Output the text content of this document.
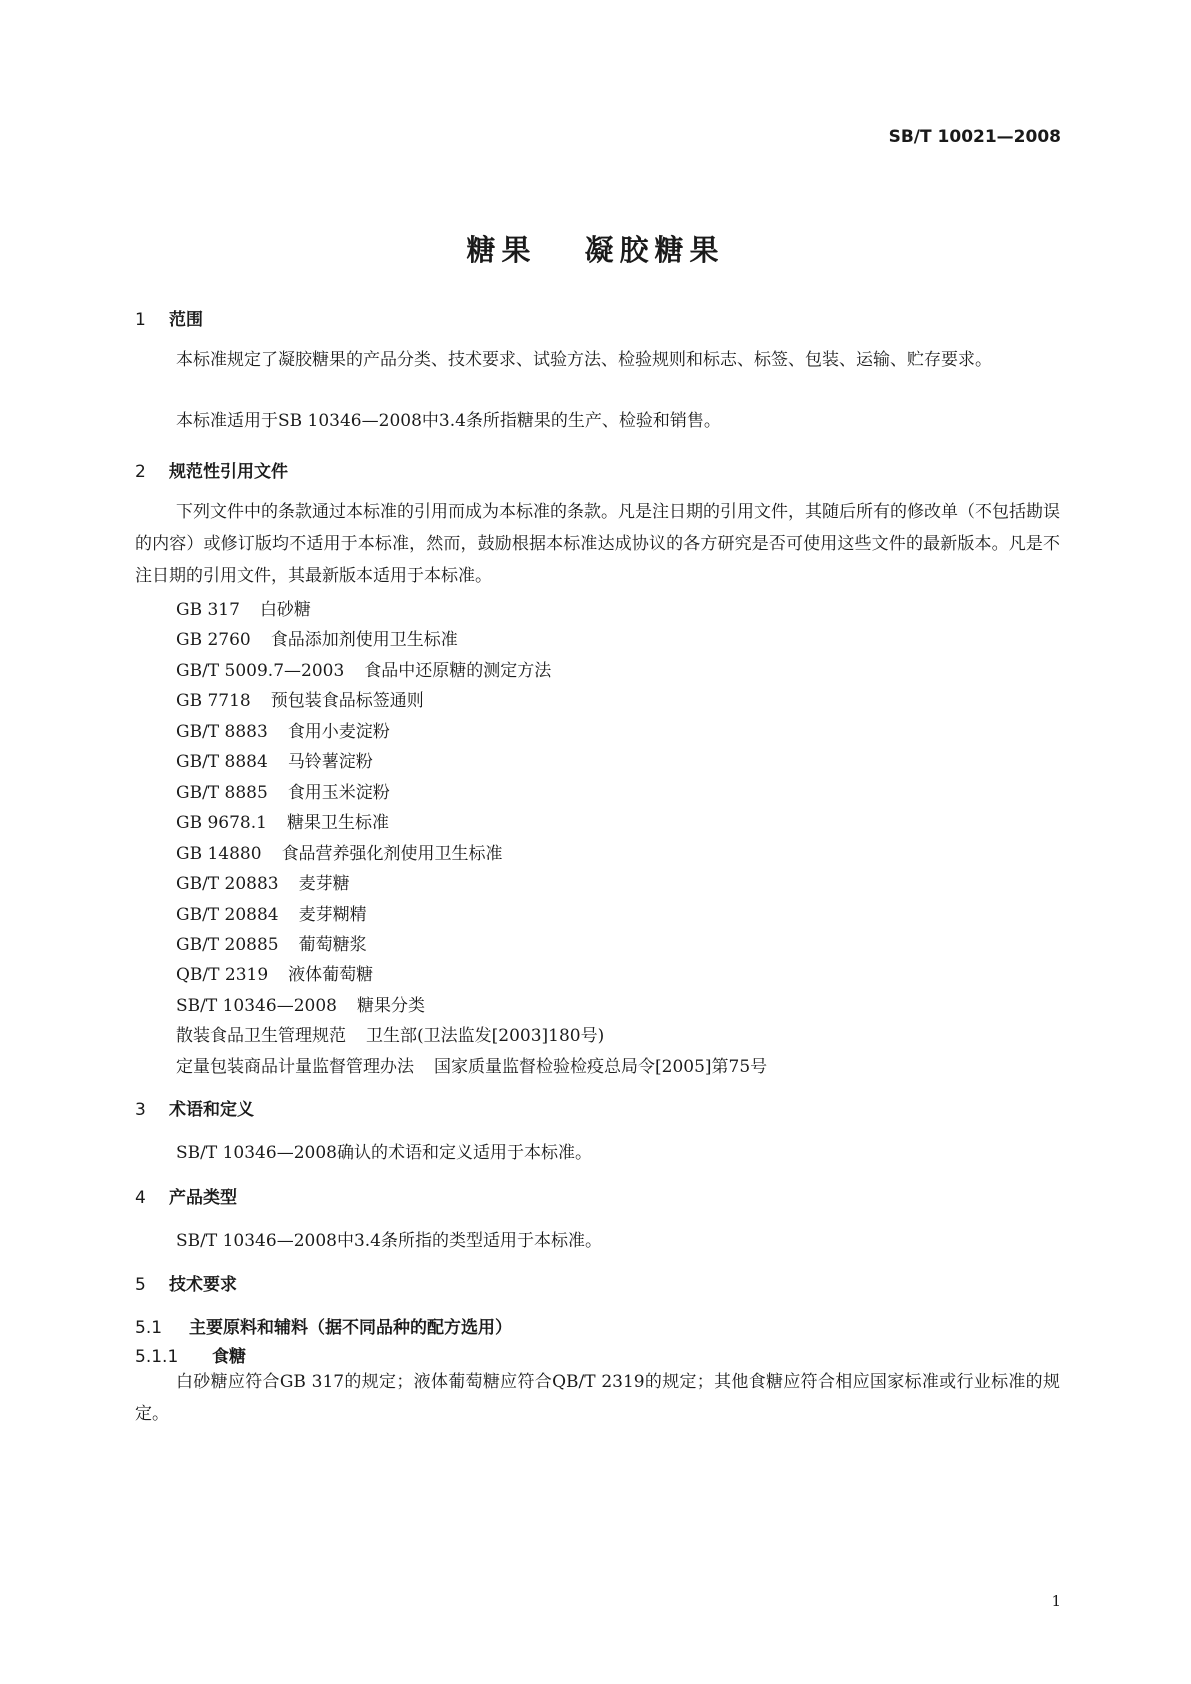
SB/T 10021—2008
糖果 凝胶糖果
1 范围
本标准规定了凝胶糖果的产品分类、技术要求、试验方法、检验规则和标志、标签、包装、运输、贮存要求。
本标准适用于SB 10346—2008中3.4条所指糖果的生产、检验和销售。
2 规范性引用文件
下列文件中的条款通过本标准的引用而成为本标准的条款。凡是注日期的引用文件，其随后所有的修改单（不包括勘误的内容）或修订版均不适用于本标准，然而，鼓励根据本标准达成协议的各方研究是否可使用这些文件的最新版本。凡是不注日期的引用文件，其最新版本适用于本标准。
GB 317 白砂糖
GB 2760 食品添加剂使用卫生标准
GB/T 5009.7—2003 食品中还原糖的测定方法
GB 7718 预包装食品标签通则
GB/T 8883 食用小麦淀粉
GB/T 8884 马铃薯淀粉
GB/T 8885 食用玉米淀粉
GB 9678.1 糖果卫生标准
GB 14880 食品营养强化剂使用卫生标准
GB/T 20883 麦芽糖
GB/T 20884 麦芽糊精
GB/T 20885 葡萄糖浆
QB/T 2319 液体葡萄糖
SB/T 10346—2008 糖果分类
散装食品卫生管理规范 卫生部(卫法监发[2003]180号)
定量包装商品计量监督管理办法 国家质量监督检验检疫总局令[2005]第75号
3 术语和定义
SB/T 10346—2008确认的术语和定义适用于本标准。
4 产品类型
SB/T 10346—2008中3.4条所指的类型适用于本标准。
5 技术要求
5.1 主要原料和辅料（据不同品种的配方选用）
5.1.1 食糖
白砂糖应符合GB 317的规定；液体葡萄糖应符合QB/T 2319的规定；其他食糖应符合相应国家标准或行业标准的规定。
1
